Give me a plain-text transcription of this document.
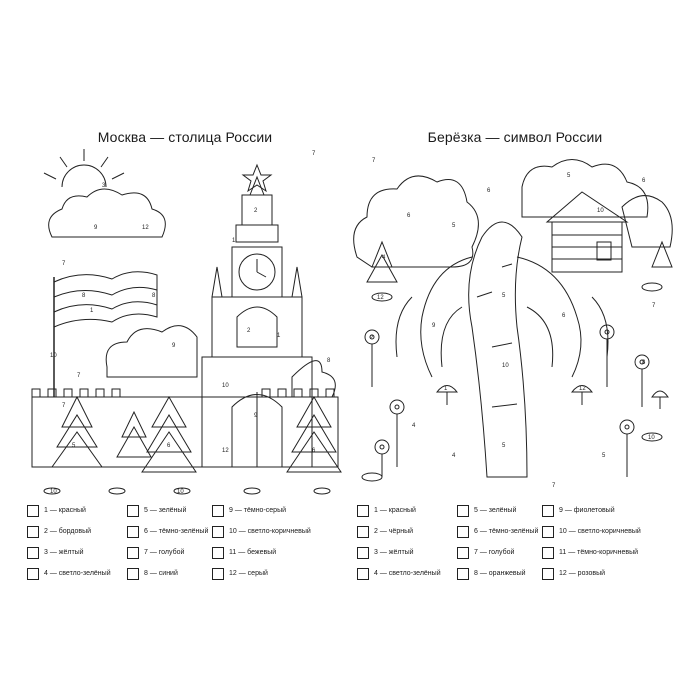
Москва — столица России
7
3
9	12
7
8
1
8
10
7
9
2
1
2
9
10
12
1
8
7
5	6
6
10	10
1 — красный	5 — зелёный	9 — тёмно-серый
2 — бордовый	6 — тёмно-зелёный	10 — светло-коричневый
3 — жёлтый	7 — голубой	11 — бежевый
4 — светло-зелёный	8 — синий	12 — серый
Берёзка — символ России
7
6
5
6
10
5
6
4
12
7
5
9
6
10
2
1	12
4
8
10
5
4	5
7
1 — красный	5 — зелёный	9 — фиолетовый
2 — чёрный	6 — тёмно-зелёный	10 — светло-коричневый
3 — жёлтый	7 — голубой	11 — тёмно-коричневый
4 — светло-зелёный	8 — оранжевый	12 — розовый
